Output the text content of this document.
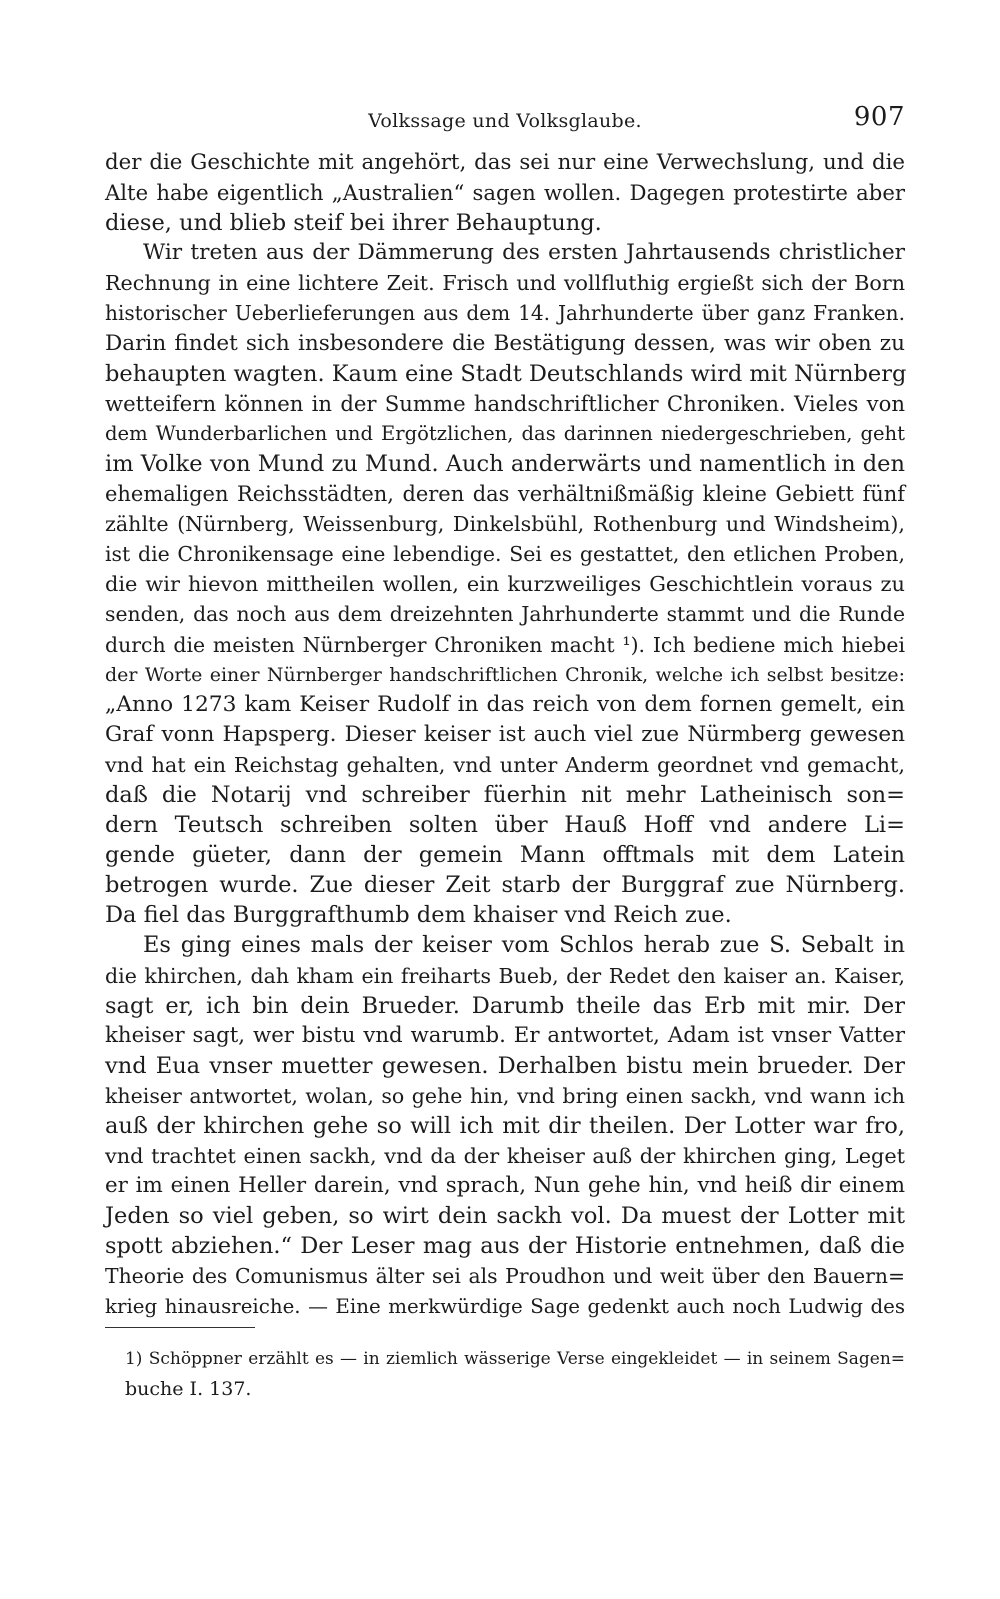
Volkssage und Volksglaube.	907
der die Geschichte mit angehört, das sei nur eine Verwechslung, und die
Alte habe eigentlich „Australien“ sagen wollen. Dagegen protestirte aber
diese, und blieb steif bei ihrer Behauptung.
Wir treten aus der Dämmerung des ersten Jahrtausends christlicher
Rechnung in eine lichtere Zeit. Frisch und vollfluthig ergießt sich der Born
historischer Ueberlieferungen aus dem 14. Jahrhunderte über ganz Franken.
Darin findet sich insbesondere die Bestätigung dessen, was wir oben zu
behaupten wagten. Kaum eine Stadt Deutschlands wird mit Nürnberg
wetteifern können in der Summe handschriftlicher Chroniken. Vieles von
dem Wunderbarlichen und Ergötzlichen, das darinnen niedergeschrieben, geht
im Volke von Mund zu Mund. Auch anderwärts und namentlich in den
ehemaligen Reichsstädten, deren das verhältnißmäßig kleine Gebiett fünf
zählte (Nürnberg, Weissenburg, Dinkelsbühl, Rothenburg und Windsheim),
ist die Chronikensage eine lebendige. Sei es gestattet, den etlichen Proben,
die wir hievon mittheilen wollen, ein kurzweiliges Geschichtlein voraus zu
senden, das noch aus dem dreizehnten Jahrhunderte stammt und die Runde
durch die meisten Nürnberger Chroniken macht ¹). Ich bediene mich hiebei
der Worte einer Nürnberger handschriftlichen Chronik, welche ich selbst besitze:
„Anno 1273 kam Keiser Rudolf in das reich von dem fornen gemelt, ein
Graf vonn Hapsperg. Dieser keiser ist auch viel zue Nürmberg gewesen
vnd hat ein Reichstag gehalten, vnd unter Anderm geordnet vnd gemacht,
daß die Notarij vnd schreiber füerhin nit mehr Latheinisch son=
dern Teutsch schreiben solten über Hauß Hoff vnd andere Li=
gende güeter, dann der gemein Mann offtmals mit dem Latein
betrogen wurde. Zue dieser Zeit starb der Burggraf zue Nürnberg.
Da fiel das Burggrafthumb dem khaiser vnd Reich zue.
Es ging eines mals der keiser vom Schlos herab zue S. Sebalt in
die khirchen, dah kham ein freiharts Bueb, der Redet den kaiser an. Kaiser,
sagt er, ich bin dein Brueder. Darumb theile das Erb mit mir. Der
kheiser sagt, wer bistu vnd warumb. Er antwortet, Adam ist vnser Vatter
vnd Eua vnser muetter gewesen. Derhalben bistu mein brueder. Der
kheiser antwortet, wolan, so gehe hin, vnd bring einen sackh, vnd wann ich
auß der khirchen gehe so will ich mit dir theilen. Der Lotter war fro,
vnd trachtet einen sackh, vnd da der kheiser auß der khirchen ging, Leget
er im einen Heller darein, vnd sprach, Nun gehe hin, vnd heiß dir einem
Jeden so viel geben, so wirt dein sackh vol. Da muest der Lotter mit
spott abziehen.“ Der Leser mag aus der Historie entnehmen, daß die
Theorie des Comunismus älter sei als Proudhon und weit über den Bauern=
krieg hinausreiche. — Eine merkwürdige Sage gedenkt auch noch Ludwig des
1) Schöppner erzählt es — in ziemlich wässerige Verse eingekleidet — in seinem Sagen=
buche I. 137.
